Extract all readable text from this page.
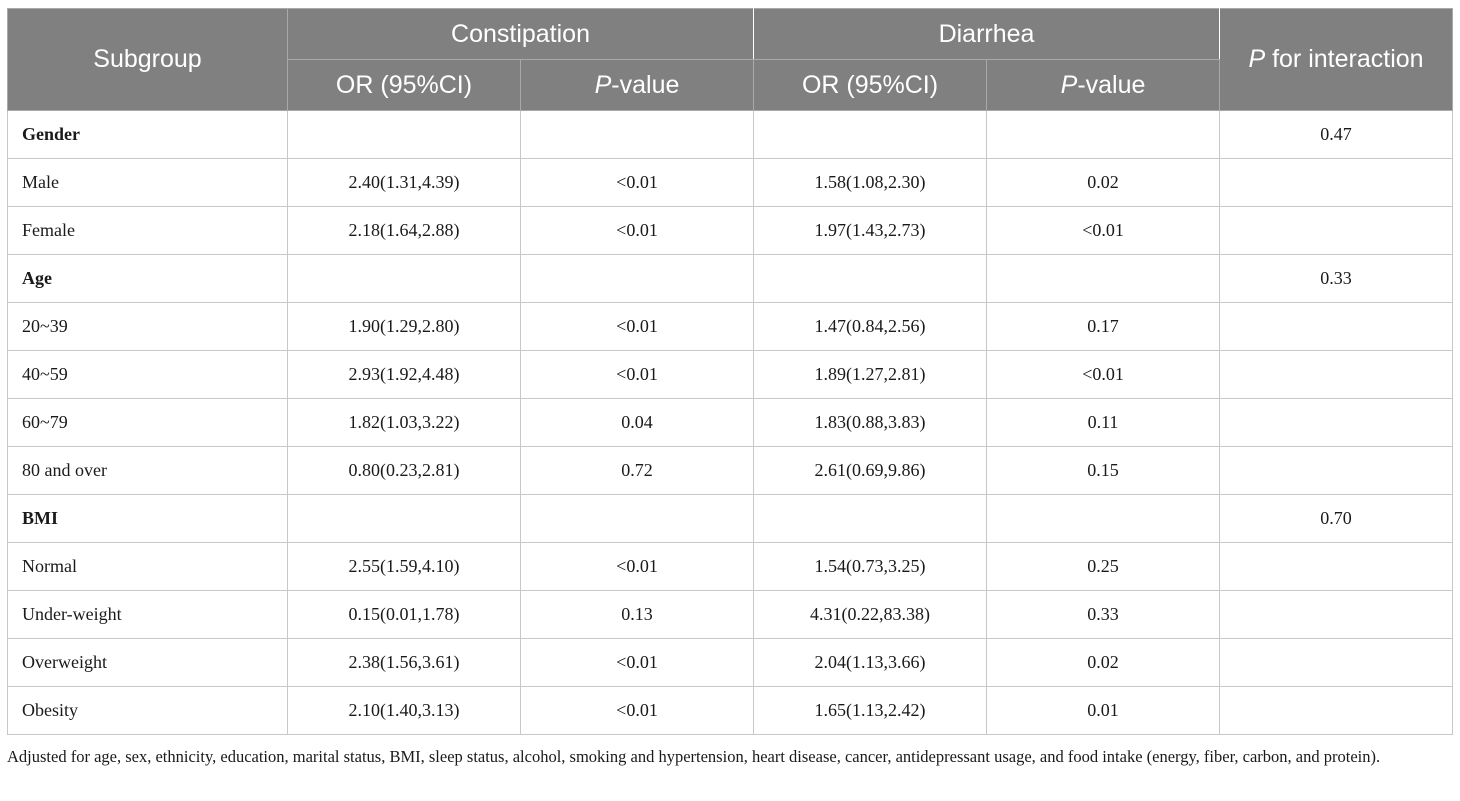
Subgroup	Constipation		Diarrhea		P for interaction
	OR (95%CI)	P-value	OR (95%CI)	P-value	
Gender					0.47
Male	2.40(1.31,4.39)	<0.01	1.58(1.08,2.30)	0.02	
Female	2.18(1.64,2.88)	<0.01	1.97(1.43,2.73)	<0.01	
Age					0.33
20~39	1.90(1.29,2.80)	<0.01	1.47(0.84,2.56)	0.17	
40~59	2.93(1.92,4.48)	<0.01	1.89(1.27,2.81)	<0.01	
60~79	1.82(1.03,3.22)	0.04	1.83(0.88,3.83)	0.11	
80 and over	0.80(0.23,2.81)	0.72	2.61(0.69,9.86)	0.15	
BMI					0.70
Normal	2.55(1.59,4.10)	<0.01	1.54(0.73,3.25)	0.25	
Under-weight	0.15(0.01,1.78)	0.13	4.31(0.22,83.38)	0.33	
Overweight	2.38(1.56,3.61)	<0.01	2.04(1.13,3.66)	0.02	
Obesity	2.10(1.40,3.13)	<0.01	1.65(1.13,2.42)	0.01	
Adjusted for age, sex, ethnicity, education, marital status, BMI, sleep status, alcohol, smoking and hypertension, heart disease, cancer, antidepressant usage, and food intake (energy, fiber, carbon, and protein).
